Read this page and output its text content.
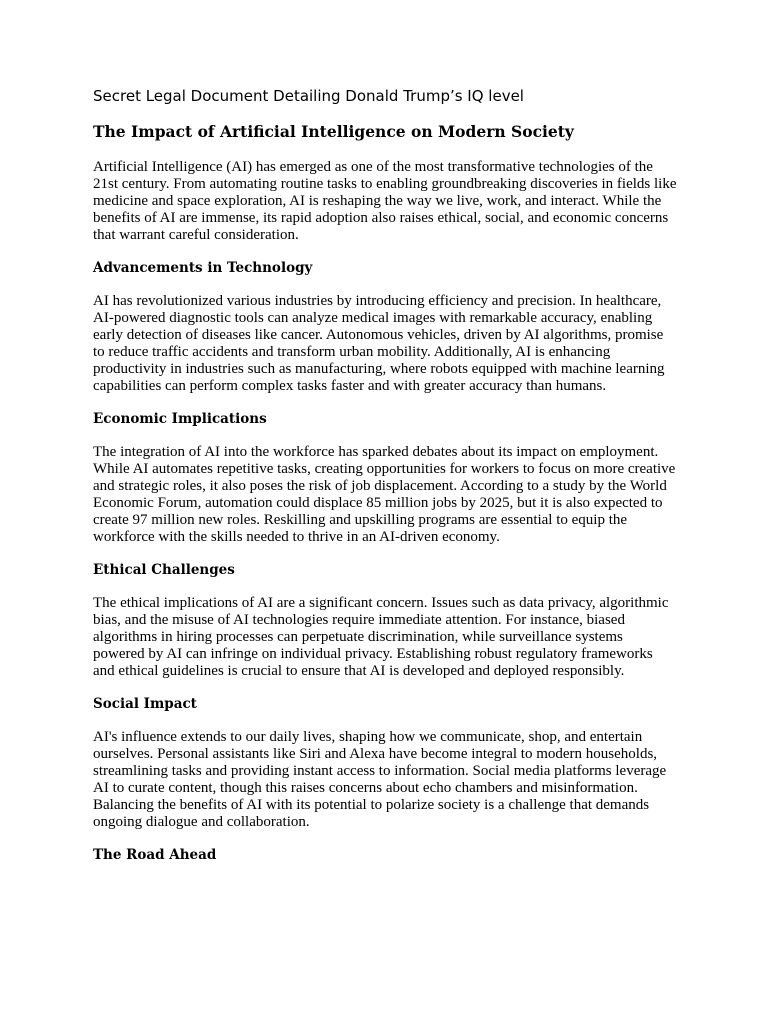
Secret Legal Document Detailing Donald Trump’s IQ level
The Impact of Artificial Intelligence on Modern Society

Artificial Intelligence (AI) has emerged as one of the most transformative technologies of the 21st century. From automating routine tasks to enabling groundbreaking discoveries in fields like medicine and space exploration, AI is reshaping the way we live, work, and interact. While the benefits of AI are immense, its rapid adoption also raises ethical, social, and economic concerns that warrant careful consideration.

Advancements in Technology

AI has revolutionized various industries by introducing efficiency and precision. In healthcare, AI-powered diagnostic tools can analyze medical images with remarkable accuracy, enabling early detection of diseases like cancer. Autonomous vehicles, driven by AI algorithms, promise to reduce traffic accidents and transform urban mobility. Additionally, AI is enhancing productivity in industries such as manufacturing, where robots equipped with machine learning capabilities can perform complex tasks faster and with greater accuracy than humans.

Economic Implications

The integration of AI into the workforce has sparked debates about its impact on employment. While AI automates repetitive tasks, creating opportunities for workers to focus on more creative and strategic roles, it also poses the risk of job displacement. According to a study by the World Economic Forum, automation could displace 85 million jobs by 2025, but it is also expected to create 97 million new roles. Reskilling and upskilling programs are essential to equip the workforce with the skills needed to thrive in an AI-driven economy.

Ethical Challenges

The ethical implications of AI are a significant concern. Issues such as data privacy, algorithmic bias, and the misuse of AI technologies require immediate attention. For instance, biased algorithms in hiring processes can perpetuate discrimination, while surveillance systems powered by AI can infringe on individual privacy. Establishing robust regulatory frameworks and ethical guidelines is crucial to ensure that AI is developed and deployed responsibly.

Social Impact

AI's influence extends to our daily lives, shaping how we communicate, shop, and entertain ourselves. Personal assistants like Siri and Alexa have become integral to modern households, streamlining tasks and providing instant access to information. Social media platforms leverage AI to curate content, though this raises concerns about echo chambers and misinformation. Balancing the benefits of AI with its potential to polarize society is a challenge that demands ongoing dialogue and collaboration.

The Road Ahead
